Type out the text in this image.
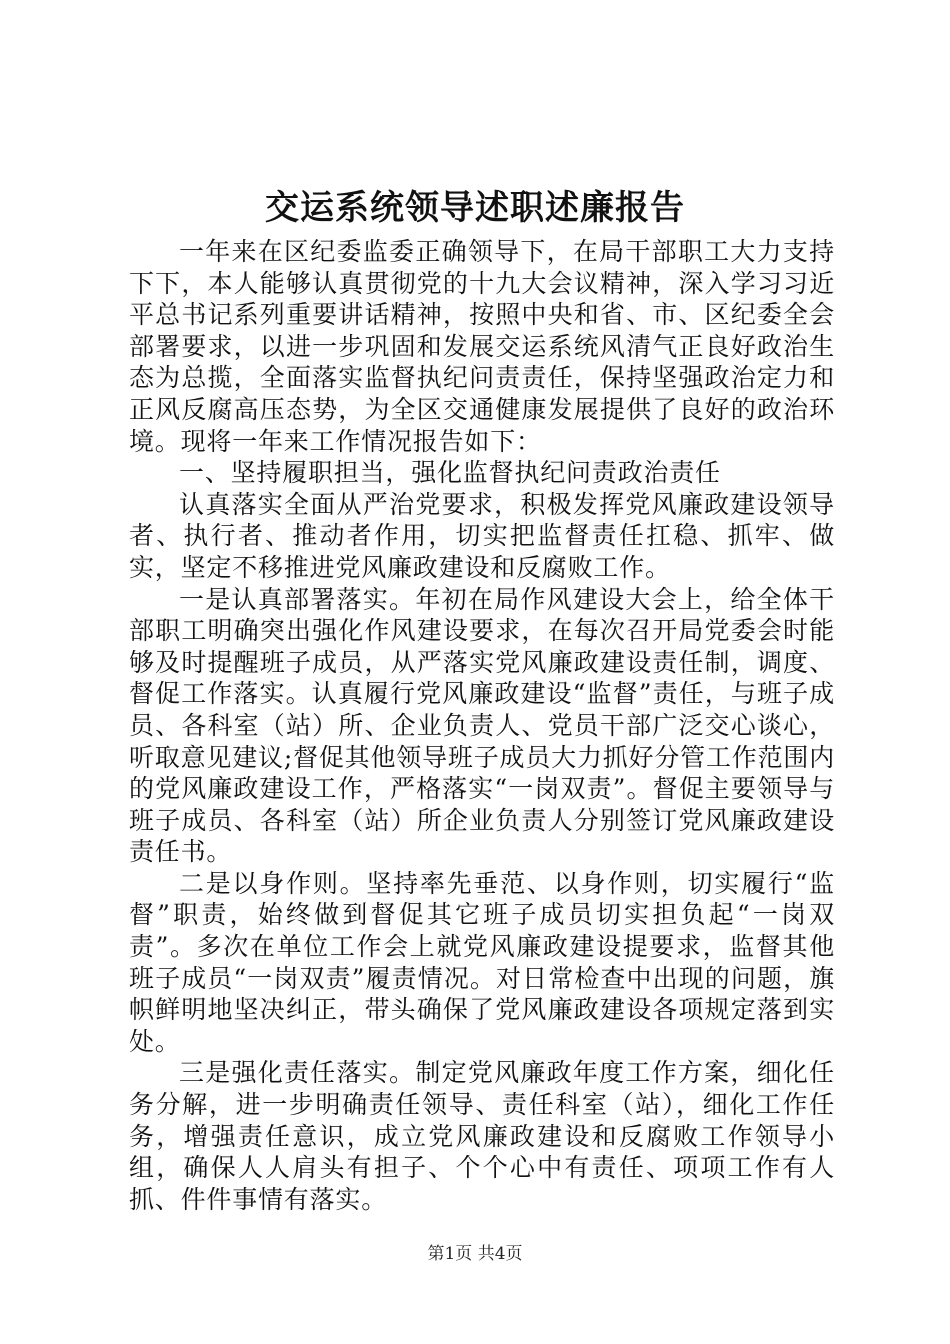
交运系统领导述职述廉报告

一年来在区纪委监委正确领导下，在局干部职工大力支持下下，本人能够认真贯彻党的十九大会议精神，深入学习习近平总书记系列重要讲话精神，按照中央和省、市、区纪委全会部署要求，以进一步巩固和发展交运系统风清气正良好政治生态为总揽，全面落实监督执纪问责责任，保持坚强政治定力和正风反腐高压态势，为全区交通健康发展提供了良好的政治环境。现将一年来工作情况报告如下：

一、坚持履职担当，强化监督执纪问责政治责任

认真落实全面从严治党要求，积极发挥党风廉政建设领导者、执行者、推动者作用，切实把监督责任扛稳、抓牢、做实，坚定不移推进党风廉政建设和反腐败工作。

一是认真部署落实。年初在局作风建设大会上，给全体干部职工明确突出强化作风建设要求，在每次召开局党委会时能够及时提醒班子成员，从严落实党风廉政建设责任制，调度、督促工作落实。认真履行党风廉政建设“监督”责任，与班子成员、各科室（站）所、企业负责人、党员干部广泛交心谈心，听取意见建议;督促其他领导班子成员大力抓好分管工作范围内的党风廉政建设工作，严格落实“一岗双责”。督促主要领导与班子成员、各科室（站）所企业负责人分别签订党风廉政建设责任书。

二是以身作则。坚持率先垂范、以身作则，切实履行“监督”职责，始终做到督促其它班子成员切实担负起“一岗双责”。多次在单位工作会上就党风廉政建设提要求，监督其他班子成员“一岗双责”履责情况。对日常检查中出现的问题，旗帜鲜明地坚决纠正，带头确保了党风廉政建设各项规定落到实处。

三是强化责任落实。制定党风廉政年度工作方案，细化任务分解，进一步明确责任领导、责任科室（站），细化工作任务，增强责任意识，成立党风廉政建设和反腐败工作领导小组，确保人人肩头有担子、个个心中有责任、项项工作有人抓、件件事情有落实。

第1页 共4页
